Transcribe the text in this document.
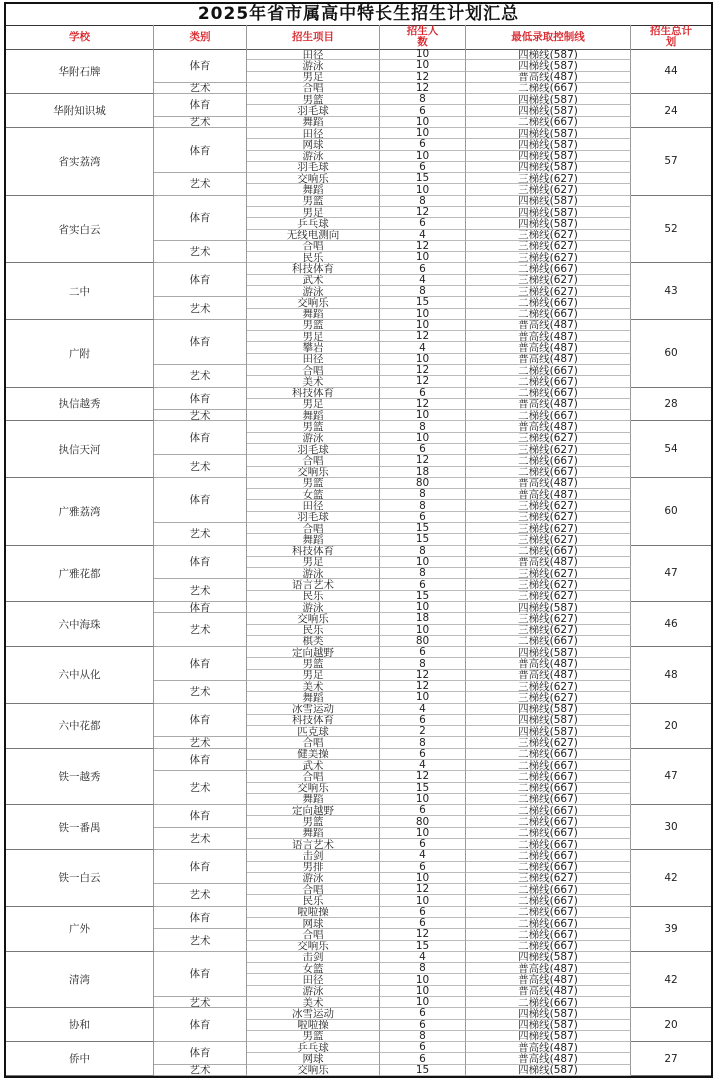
2025年省市属高中特长生招生计划汇总
学校	类别	招生项目	招生人数	最低录取控制线	招生总计划
华附石牌	44
体育
田径	10	四梯线(587)
游泳	10	四梯线(587)
男足	12	普高线(487)
艺术	合唱	12	二梯线(667)
华附知识城	24
体育	男篮	8	四梯线(587)
羽毛球	6	四梯线(587)
艺术	舞蹈	10	二梯线(667)
省实荔湾	57
体育
田径	10	四梯线(587)
网球	6	四梯线(587)
游泳	10	四梯线(587)
羽毛球	6	四梯线(587)
艺术	交响乐	15	三梯线(627)
舞蹈	10	三梯线(627)
省实白云	52
体育
男篮	8	四梯线(587)
男足	12	四梯线(587)
乒乓球	6	四梯线(587)
无线电测向	4	三梯线(627)
艺术	合唱	12	三梯线(627)
民乐	10	三梯线(627)
二中	43
体育
科技体育	6	二梯线(667)
武术	4	三梯线(627)
游泳	8	三梯线(627)
艺术	交响乐	15	二梯线(667)
舞蹈	10	二梯线(667)
广附	60
体育
男篮	10	普高线(487)
男足	12	普高线(487)
攀岩	4	普高线(487)
田径	10	普高线(487)
艺术	合唱	12	二梯线(667)
美术	12	二梯线(667)
执信越秀	28
体育	科技体育	6	二梯线(667)
男足	12	普高线(487)
艺术	舞蹈	10	二梯线(667)
执信天河	54
体育
男篮	8	普高线(487)
游泳	10	三梯线(627)
羽毛球	6	三梯线(627)
艺术	合唱	12	二梯线(667)
交响乐	18	二梯线(667)
广雅荔湾	60
体育
男篮	80	普高线(487)
女篮	8	普高线(487)
田径	8	三梯线(627)
羽毛球	6	三梯线(627)
艺术	合唱	15	三梯线(627)
舞蹈	15	三梯线(627)
广雅花都	47
体育
科技体育	8	二梯线(667)
男足	10	普高线(487)
游泳	8	三梯线(627)
艺术	语言艺术	6	三梯线(627)
民乐	15	三梯线(627)
六中海珠	46
体育	游泳	10	四梯线(587)
艺术
交响乐	18	三梯线(627)
民乐	10	三梯线(627)
棋类	80	二梯线(667)
六中从化	48
体育
定向越野	6	四梯线(587)
男篮	8	普高线(487)
男足	12	普高线(487)
艺术	美术	12	三梯线(627)
舞蹈	10	三梯线(627)
六中花都	20
体育
冰雪运动	4	四梯线(587)
科技体育	6	四梯线(587)
匹克球	2	四梯线(587)
艺术	合唱	8	三梯线(627)
铁一越秀	47
体育	健美操	6	二梯线(667)
武术	4	二梯线(667)
艺术
合唱	12	二梯线(667)
交响乐	15	二梯线(667)
舞蹈	10	二梯线(667)
铁一番禺	30
体育	定向越野	6	二梯线(667)
男篮	80	二梯线(667)
艺术	舞蹈	10	二梯线(667)
语言艺术	6	二梯线(667)
铁一白云	42
体育
击剑	4	二梯线(667)
男排	6	二梯线(667)
游泳	10	三梯线(627)
艺术	合唱	12	二梯线(667)
民乐	10	二梯线(667)
广外	39
体育	啦啦操	6	二梯线(667)
网球	6	二梯线(667)
艺术	合唱	12	二梯线(667)
交响乐	15	二梯线(667)
清湾	42
体育
击剑	4	四梯线(587)
女篮	8	普高线(487)
田径	10	普高线(487)
游泳	10	普高线(487)
艺术	美术	10	二梯线(667)
协和	20
体育
冰雪运动	6	四梯线(587)
啦啦操	6	四梯线(587)
男篮	8	四梯线(587)
侨中	27
体育	乒乓球	6	普高线(487)
网球	6	普高线(487)
艺术	交响乐	15	四梯线(587)
